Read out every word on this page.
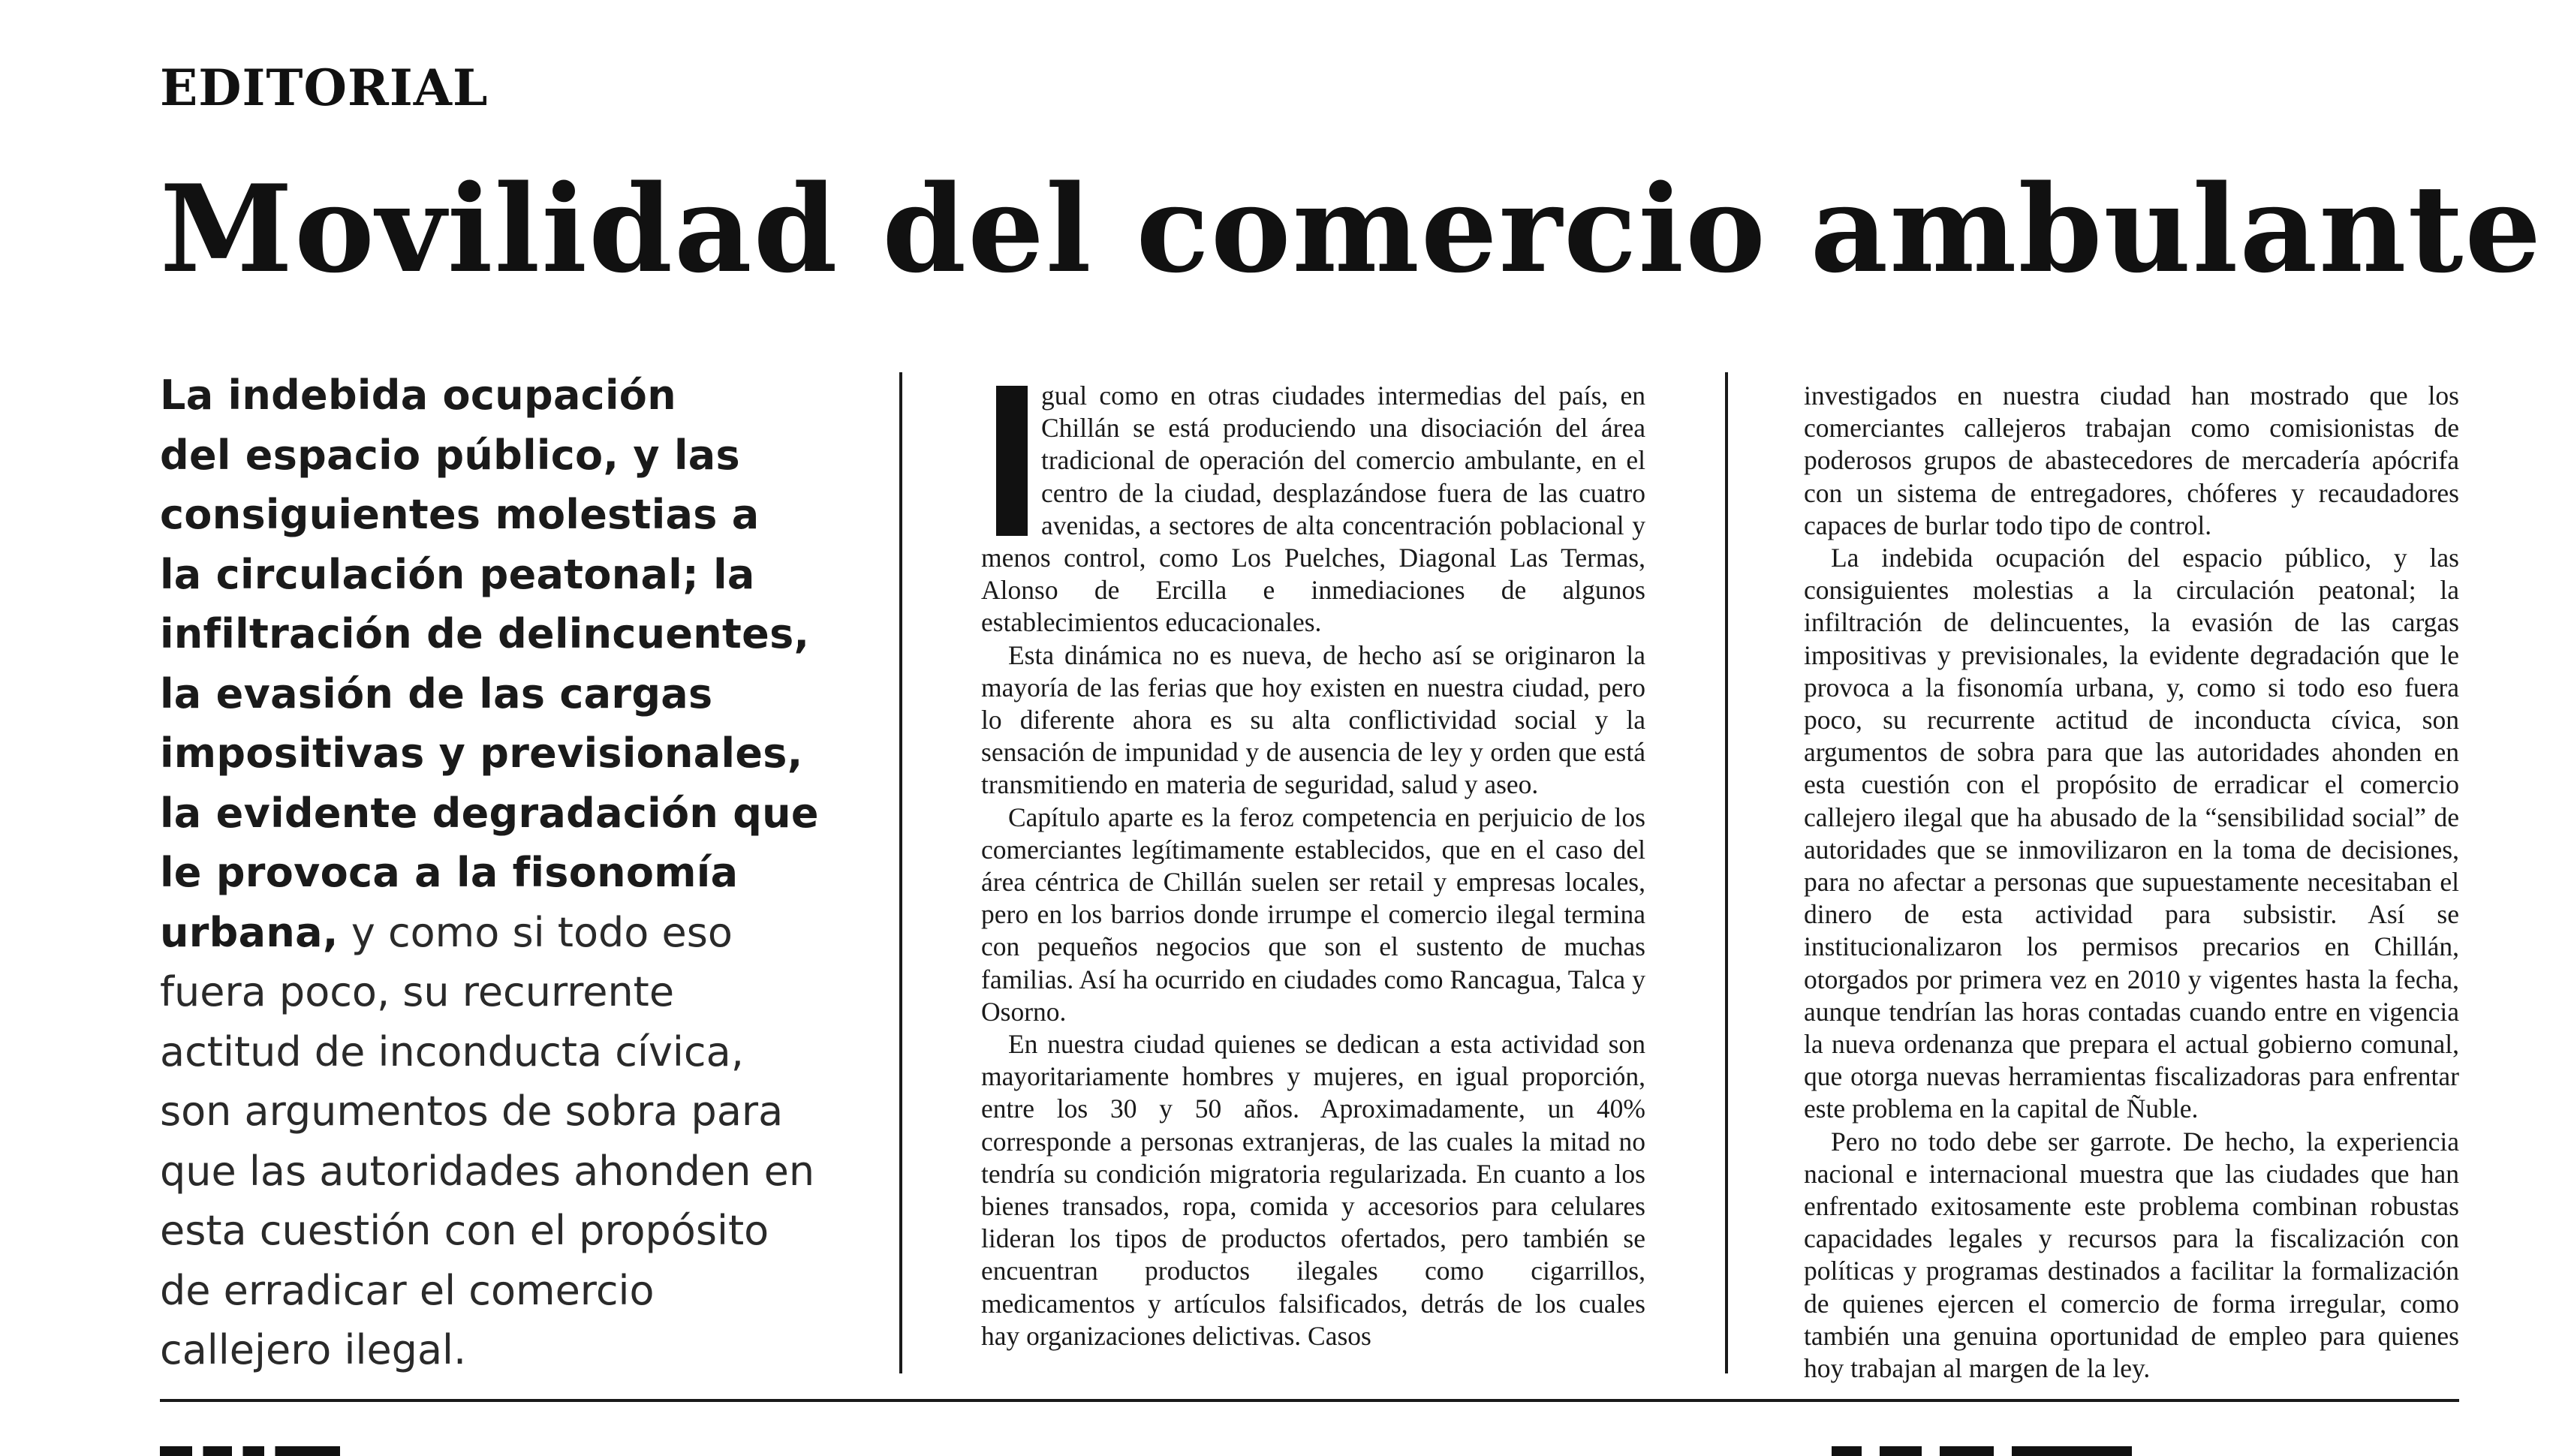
EDITORIAL
Movilidad del comercio ambulante
La indebida ocupación
del espacio público, y las
consiguientes molestias a
la circulación peatonal; la
infiltración de delincuentes,
la evasión de las cargas
impositivas y previsionales,
la evidente degradación que
le provoca a la fisonomía
urbana, y como si todo eso
fuera poco, su recurrente
actitud de inconducta cívica,
son argumentos de sobra para
que las autoridades ahonden en
esta cuestión con el propósito
de erradicar el comercio
callejero ilegal.

gual como en otras ciudades intermedias del país, en Chillán se está produciendo una disociación del área tradicional de operación del comercio ambulante, en el centro de la ciudad, desplazándose fuera de las cuatro avenidas, a sectores de alta concentración poblacional y menos control, como Los Puelches, Diagonal Las Termas, Alonso de Ercilla e inmediaciones de algunos establecimientos educacionales.

Esta dinámica no es nueva, de hecho así se originaron la mayoría de las ferias que hoy existen en nuestra ciudad, pero lo diferente ahora es su alta conflictividad social y la sensación de impunidad y de ausencia de ley y orden que está transmitiendo en materia de seguridad, salud y aseo.

Capítulo aparte es la feroz competencia en perjuicio de los comerciantes legítimamente establecidos, que en el caso del área céntrica de Chillán suelen ser retail y empresas locales, pero en los barrios donde irrumpe el comercio ilegal termina con pequeños negocios que son el sustento de muchas familias. Así ha ocurrido en ciudades como Rancagua, Talca y Osorno.

En nuestra ciudad quienes se dedican a esta actividad son mayoritariamente hombres y mujeres, en igual proporción, entre los 30 y 50 años. Aproximadamente, un 40% corresponde a personas extranjeras, de las cuales la mitad no tendría su condición migratoria regularizada. En cuanto a los bienes transados, ropa, comida y accesorios para celulares lideran los tipos de productos ofertados, pero también se encuentran productos ilegales como cigarrillos, medicamentos y artículos falsificados, detrás de los cuales hay organizaciones delictivas. Casos

investigados en nuestra ciudad han mostrado que los comerciantes callejeros trabajan como comisionistas de poderosos grupos de abastecedores de mercadería apócrifa con un sistema de entregadores, chóferes y recaudadores capaces de burlar todo tipo de control.

La indebida ocupación del espacio público, y las consiguientes molestias a la circulación peatonal; la infiltración de delincuentes, la evasión de las cargas impositivas y previsionales, la evidente degradación que le provoca a la fisonomía urbana, y, como si todo eso fuera poco, su recurrente actitud de inconducta cívica, son argumentos de sobra para que las autoridades ahonden en esta cuestión con el propósito de erradicar el comercio callejero ilegal que ha abusado de la “sensibilidad social” de autoridades que se inmovilizaron en la toma de decisiones, para no afectar a personas que supuestamente necesitaban el dinero de esta actividad para subsistir. Así se institucionalizaron los permisos precarios en Chillán, otorgados por primera vez en 2010 y vigentes hasta la fecha, aunque tendrían las horas contadas cuando entre en vigencia la nueva ordenanza que prepara el actual gobierno comunal, que otorga nuevas herramientas fiscalizadoras para enfrentar este problema en la capital de Ñuble.

Pero no todo debe ser garrote. De hecho, la experiencia nacional e internacional muestra que las ciudades que han enfrentado exitosamente este problema combinan robustas capacidades legales y recursos para la fiscalización con políticas y programas destinados a facilitar la formalización de quienes ejercen el comercio de forma irregular, como también una genuina oportunidad de empleo para quienes hoy trabajan al margen de la ley.
